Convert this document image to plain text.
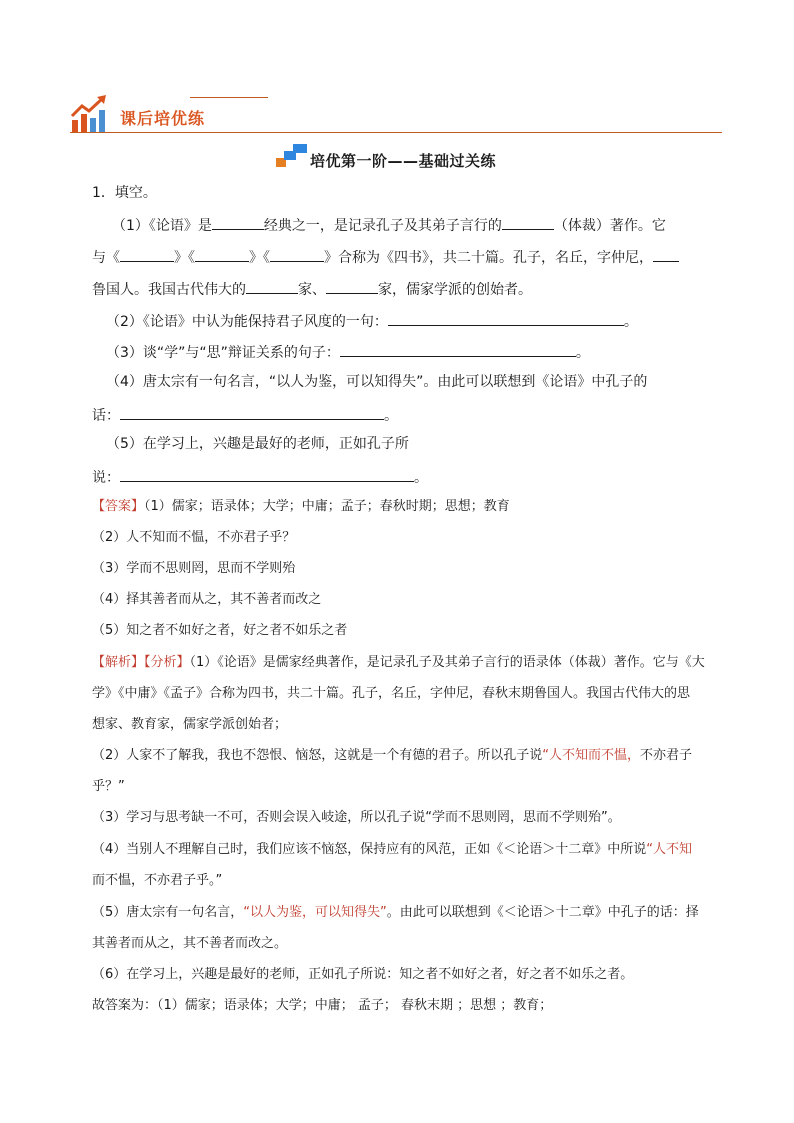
课后培优练
培优第一阶——基础过关练
1．填空。
（1）《论语》是	经典之一，是记录孔子及其弟子言行的	（体裁）著作。它
与《	》《	》《	》合称为《四书》，共二十篇。孔子，名丘，字仲尼，
鲁国人。我国古代伟大的	家、	家，儒家学派的创始者。
（2）《论语》中认为能保持君子风度的一句：	。
（3）谈“学”与“思”辩证关系的句子：	。
（4）唐太宗有一句名言，“以人为鉴，可以知得失”。由此可以联想到《论语》中孔子的
话：	。
（5）在学习上，兴趣是最好的老师，正如孔子所
说：	。
【答案】（1）儒家；语录体；大学；中庸；孟子；春秋时期；思想；教育
（2）人不知而不愠，不亦君子乎？
（3）学而不思则罔，思而不学则殆
（4）择其善者而从之，其不善者而改之
（5）知之者不如好之者，好之者不如乐之者
【解析】【分析】（1）《论语》是儒家经典著作，是记录孔子及其弟子言行的语录体（体裁）著作。它与《大
学》《中庸》《孟子》合称为四书，共二十篇。孔子，名丘，字仲尼，春秋末期鲁国人。我国古代伟大的思
想家、教育家，儒家学派创始者；
（2）人家不了解我，我也不怨恨、恼怒，这就是一个有德的君子。所以孔子说“人不知而不愠，不亦君子
乎？”
（3）学习与思考缺一不可，否则会误入岐途，所以孔子说“学而不思则罔，思而不学则殆”。
（4）当别人不理解自己时，我们应该不恼怒，保持应有的风范，正如《＜论语＞十二章》中所说“人不知
而不愠，不亦君子乎。”
（5）唐太宗有一句名言，“以人为鉴，可以知得失”。由此可以联想到《＜论语＞十二章》中孔子的话：择
其善者而从之，其不善者而改之。
（6）在学习上，兴趣是最好的老师，正如孔子所说：知之者不如好之者，好之者不如乐之者。
故答案为：（1）儒家；语录体；大学；中庸； 孟子； 春秋末期 ；思想 ；教育；
